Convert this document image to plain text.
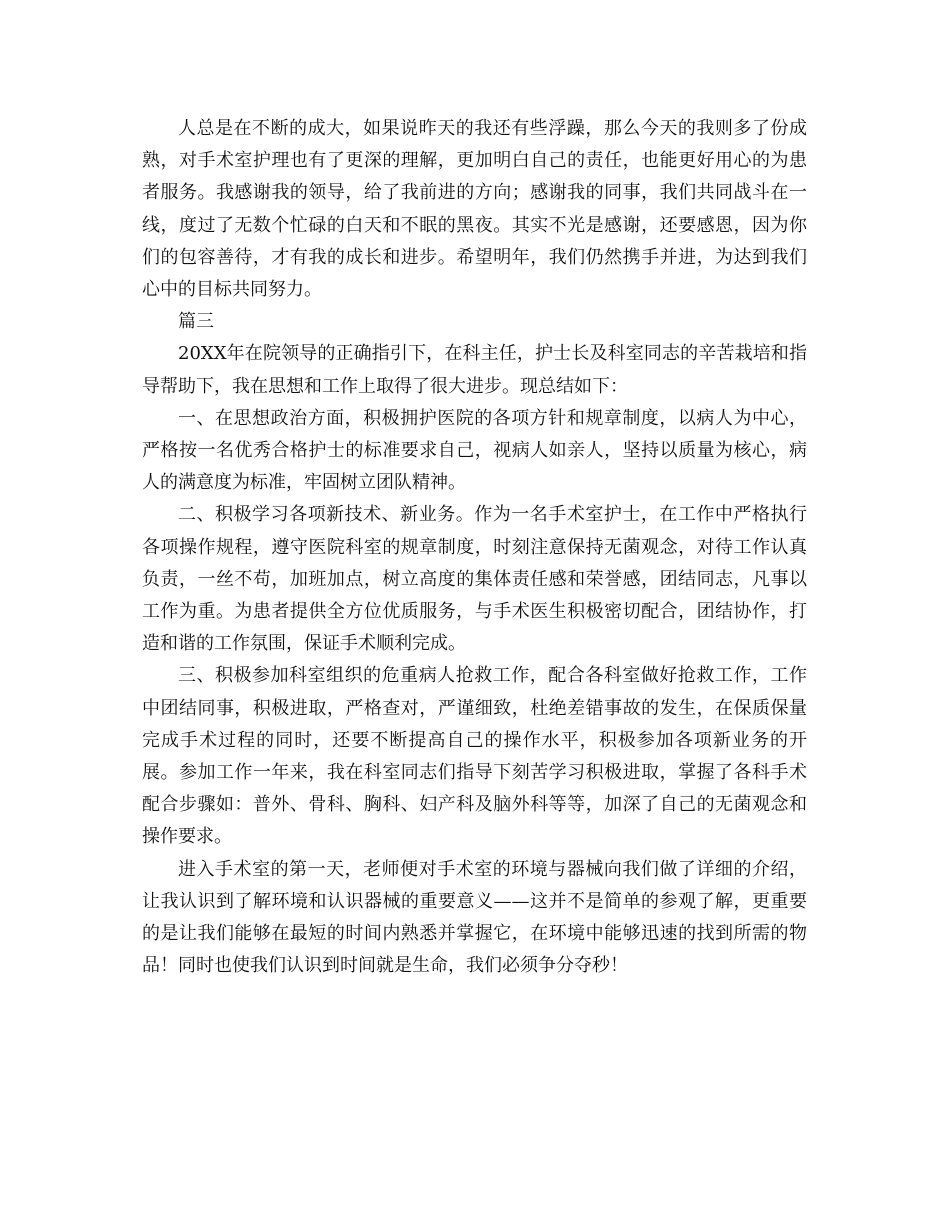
人总是在不断的成大，如果说昨天的我还有些浮躁，那么今天的我则多了份成熟，对手术室护理也有了更深的理解，更加明白自己的责任，也能更好用心的为患者服务。我感谢我的领导，给了我前进的方向；感谢我的同事，我们共同战斗在一线，度过了无数个忙碌的白天和不眠的黑夜。其实不光是感谢，还要感恩，因为你们的包容善待，才有我的成长和进步。希望明年，我们仍然携手并进，为达到我们心中的目标共同努力。

篇三

20XX年在院领导的正确指引下，在科主任，护士长及科室同志的辛苦栽培和指导帮助下，我在思想和工作上取得了很大进步。现总结如下：

一、在思想政治方面，积极拥护医院的各项方针和规章制度，以病人为中心，严格按一名优秀合格护士的标准要求自己，视病人如亲人，坚持以质量为核心，病人的满意度为标准，牢固树立团队精神。

二、积极学习各项新技术、新业务。作为一名手术室护士，在工作中严格执行各项操作规程，遵守医院科室的规章制度，时刻注意保持无菌观念，对待工作认真负责，一丝不苟，加班加点，树立高度的集体责任感和荣誉感，团结同志，凡事以工作为重。为患者提供全方位优质服务，与手术医生积极密切配合，团结协作，打造和谐的工作氛围，保证手术顺利完成。

三、积极参加科室组织的危重病人抢救工作，配合各科室做好抢救工作，工作中团结同事，积极进取，严格查对，严谨细致，杜绝差错事故的发生，在保质保量完成手术过程的同时，还要不断提高自己的操作水平，积极参加各项新业务的开展。参加工作一年来，我在科室同志们指导下刻苦学习积极进取，掌握了各科手术配合步骤如：普外、骨科、胸科、妇产科及脑外科等等，加深了自己的无菌观念和操作要求。

进入手术室的第一天，老师便对手术室的环境与器械向我们做了详细的介绍，让我认识到了解环境和认识器械的重要意义——这并不是简单的参观了解，更重要的是让我们能够在最短的时间内熟悉并掌握它，在环境中能够迅速的找到所需的物品！同时也使我们认识到时间就是生命，我们必须争分夺秒！
